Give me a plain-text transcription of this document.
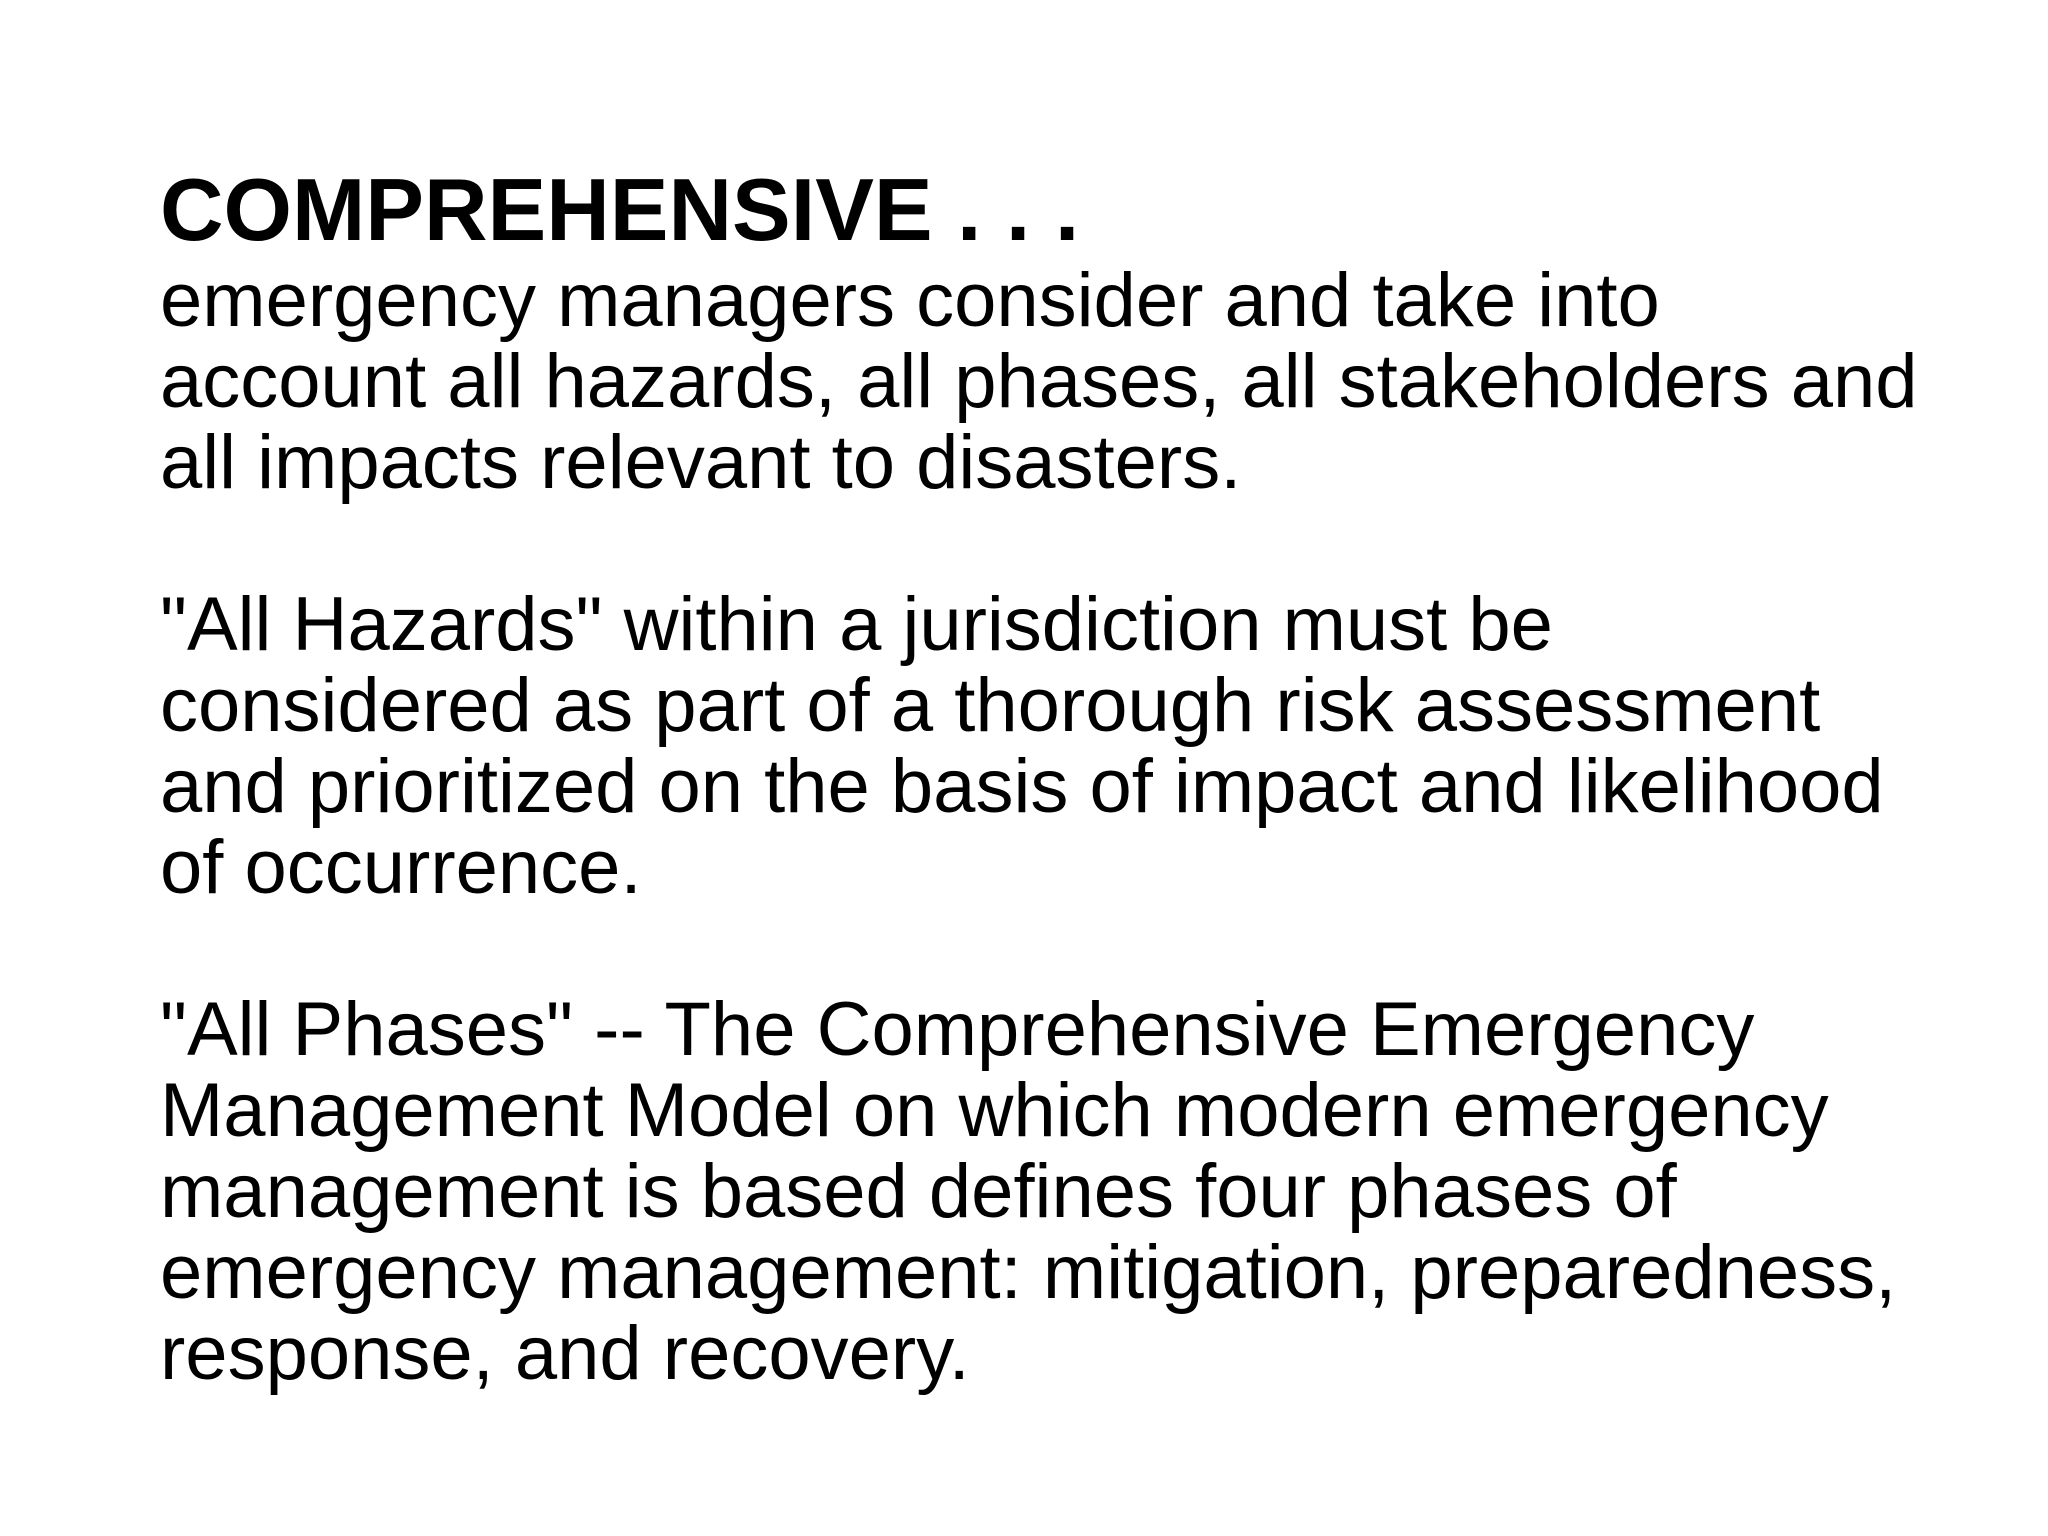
COMPREHENSIVE . . .

emergency managers consider and take into
account all hazards, all phases, all stakeholders and
all impacts relevant to disasters.

"All Hazards" within a jurisdiction must be
considered as part of a thorough risk assessment
and prioritized on the basis of impact and likelihood
of occurrence.

"All Phases" -- The Comprehensive Emergency
Management Model on which modern emergency
management is based defines four phases of
emergency management: mitigation, preparedness,
response, and recovery.
